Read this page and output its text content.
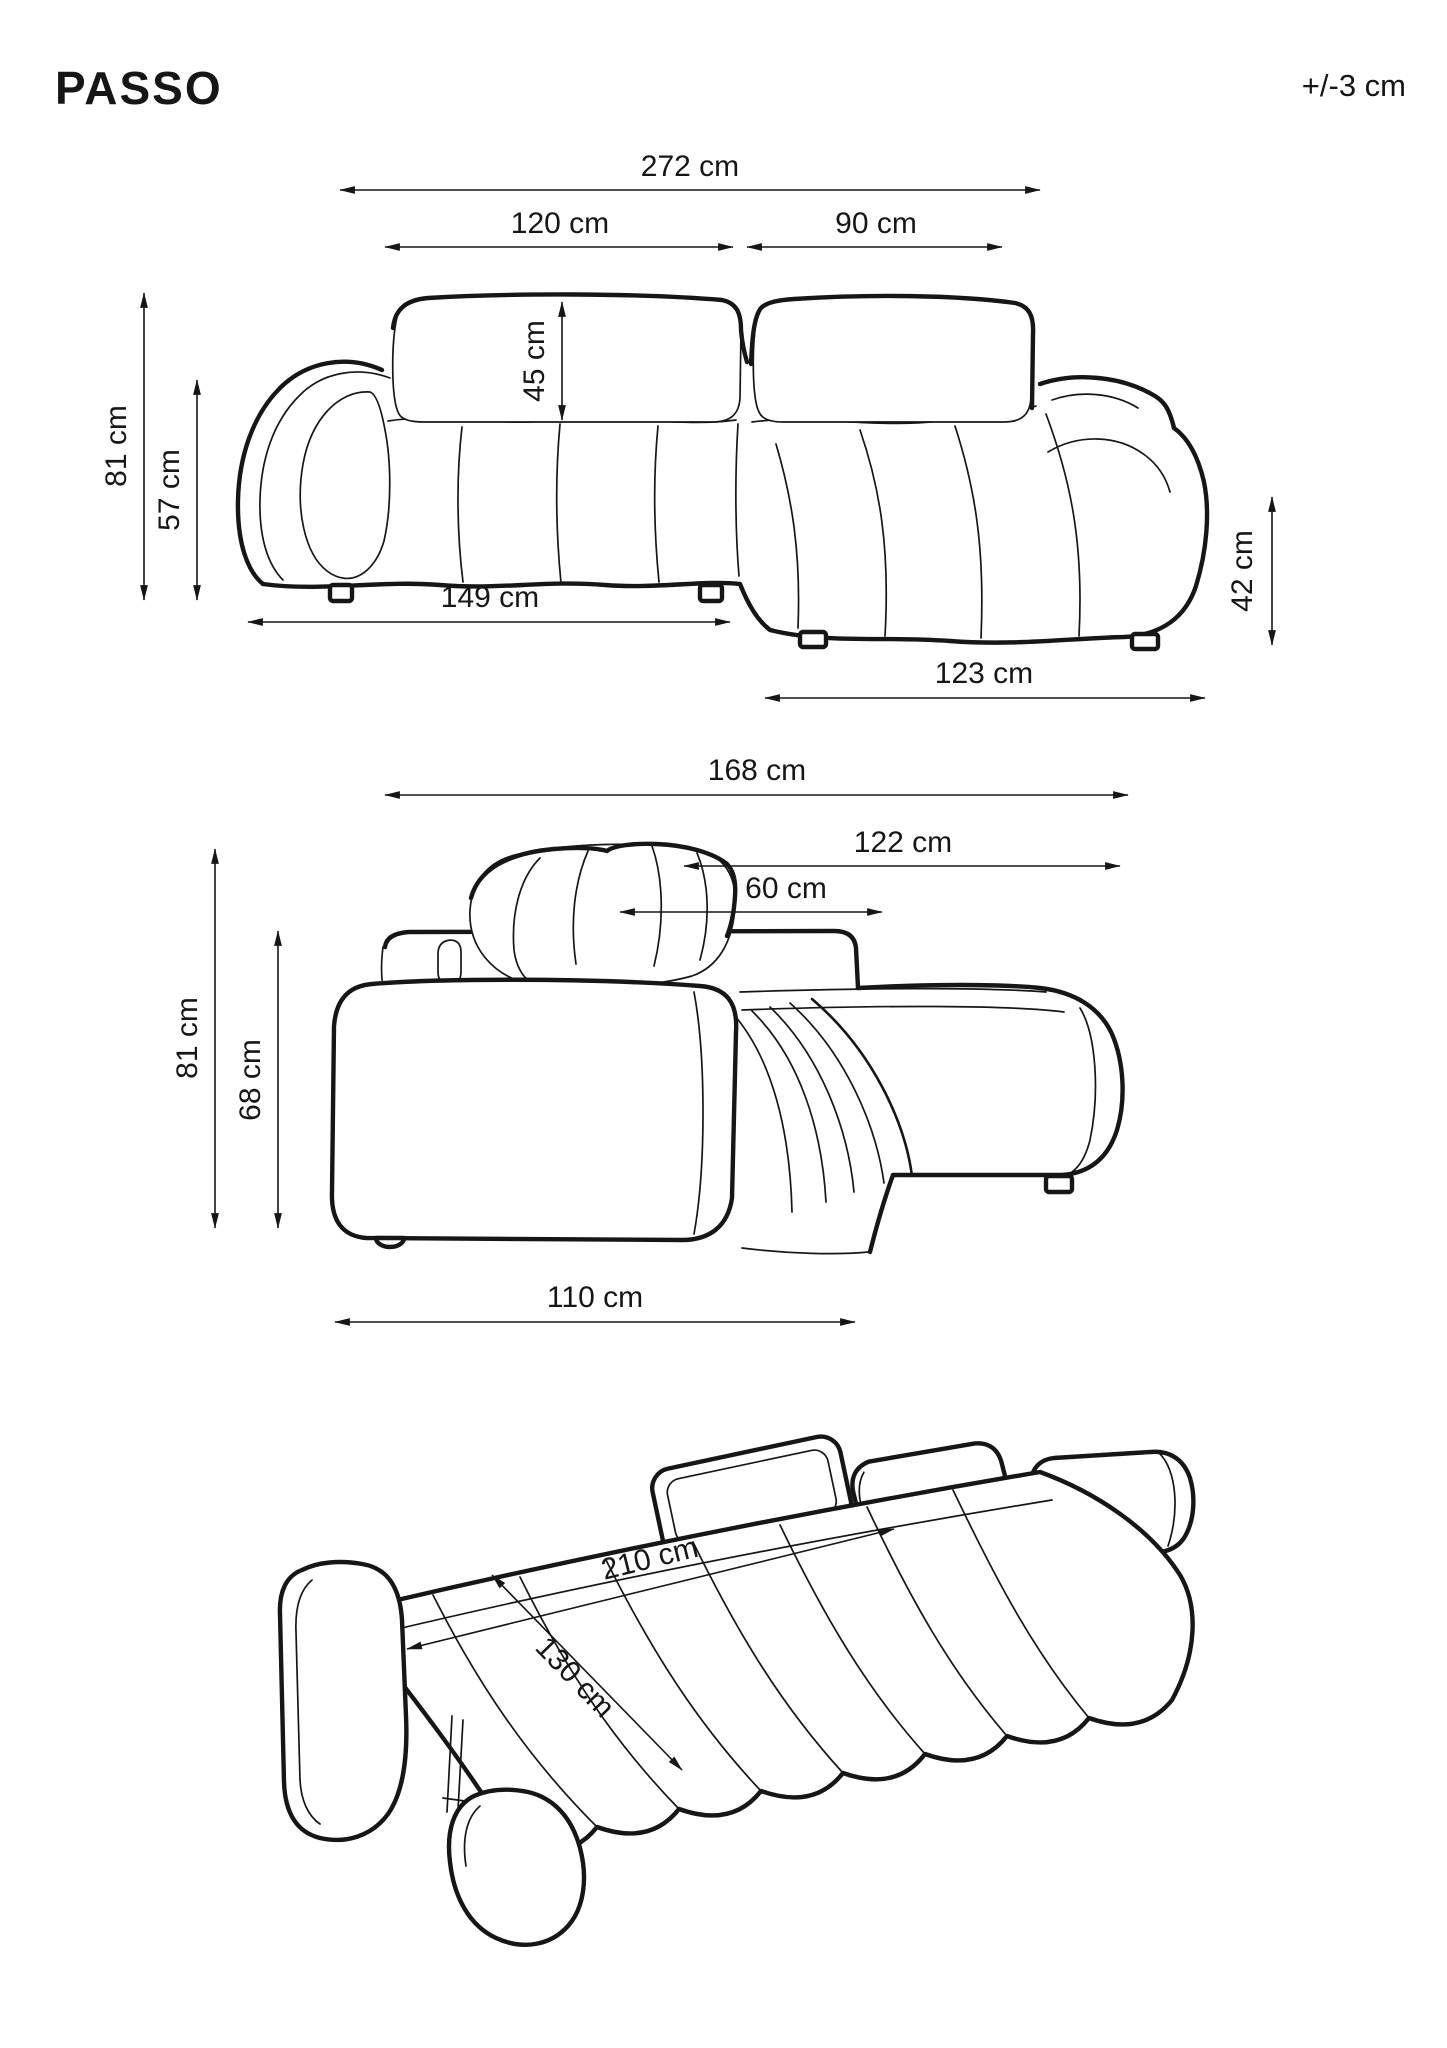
PASSO	+/-3 cm
272 cm
120 cm	90 cm
45 cm
81 cm
57 cm
149 cm	42 cm
123 cm
168 cm
122 cm
60 cm
81 cm
68 cm
110 cm
210 cm
130 cm
